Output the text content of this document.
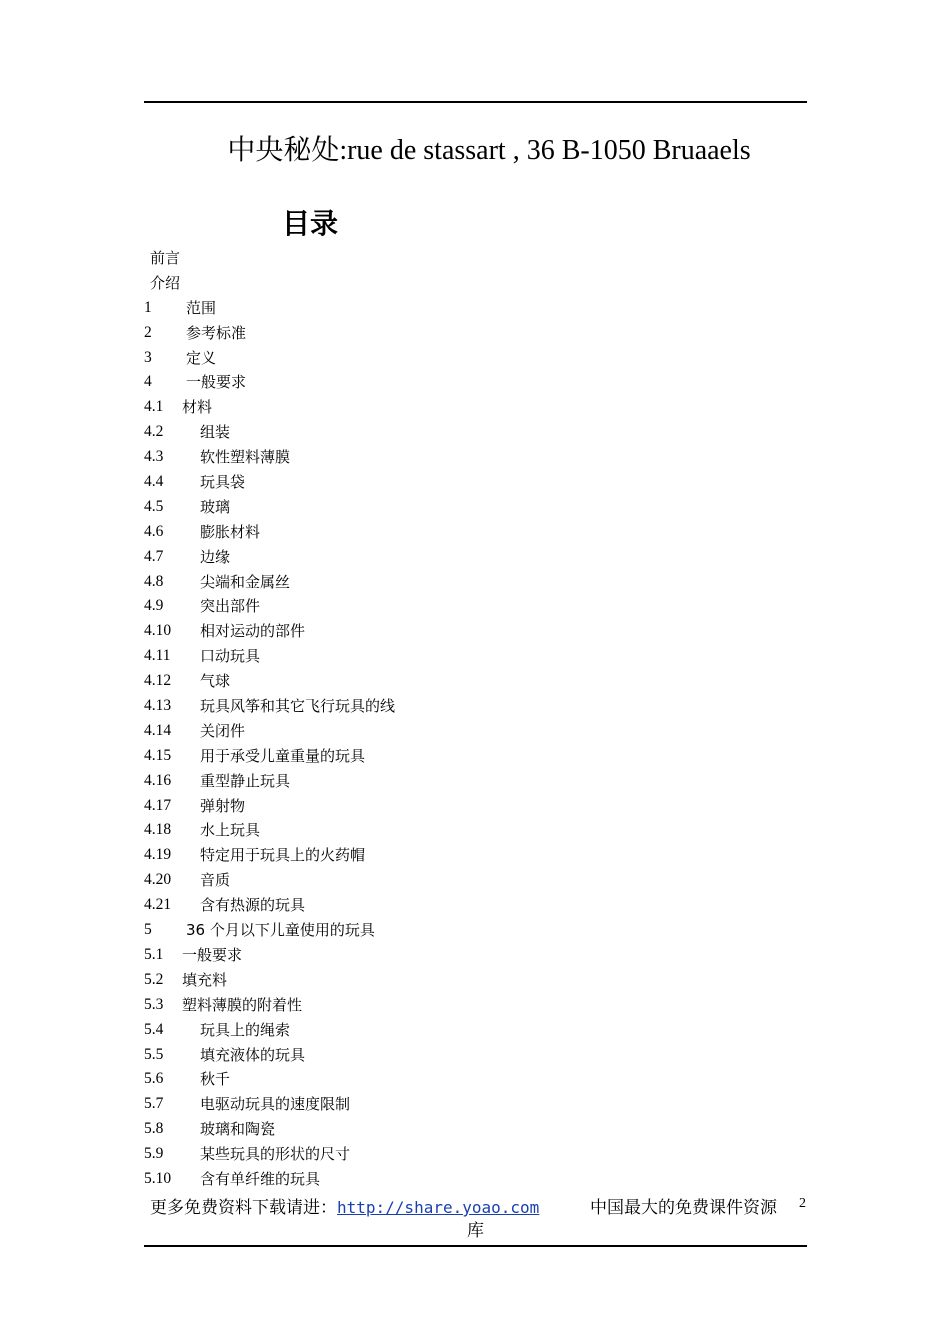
中央秘处:rue de stassart , 36 B-1050 Bruaaels
目录
前言
介绍
1 范围
2 参考标准
3 定义
4 一般要求
4.1 材料
4.2 组装
4.3 软性塑料薄膜
4.4 玩具袋
4.5 玻璃
4.6 膨胀材料
4.7 边缘
4.8 尖端和金属丝
4.9 突出部件
4.10 相对运动的部件
4.11 口动玩具
4.12 气球
4.13 玩具风筝和其它飞行玩具的线
4.14 关闭件
4.15 用于承受儿童重量的玩具
4.16 重型静止玩具
4.17 弹射物
4.18 水上玩具
4.19 特定用于玩具上的火药帽
4.20 音质
4.21 含有热源的玩具
5 36 个月以下儿童使用的玩具
5.1 一般要求
5.2 填充料
5.3 塑料薄膜的附着性
5.4 玩具上的绳索
5.5 填充液体的玩具
5.6 秋千
5.7 电驱动玩具的速度限制
5.8 玻璃和陶瓷
5.9 某些玩具的形状的尺寸
5.10 含有单纤维的玩具
更多免费资料下载请进：http://share.yoao.com	中国最大的免费课件资源 2
库
